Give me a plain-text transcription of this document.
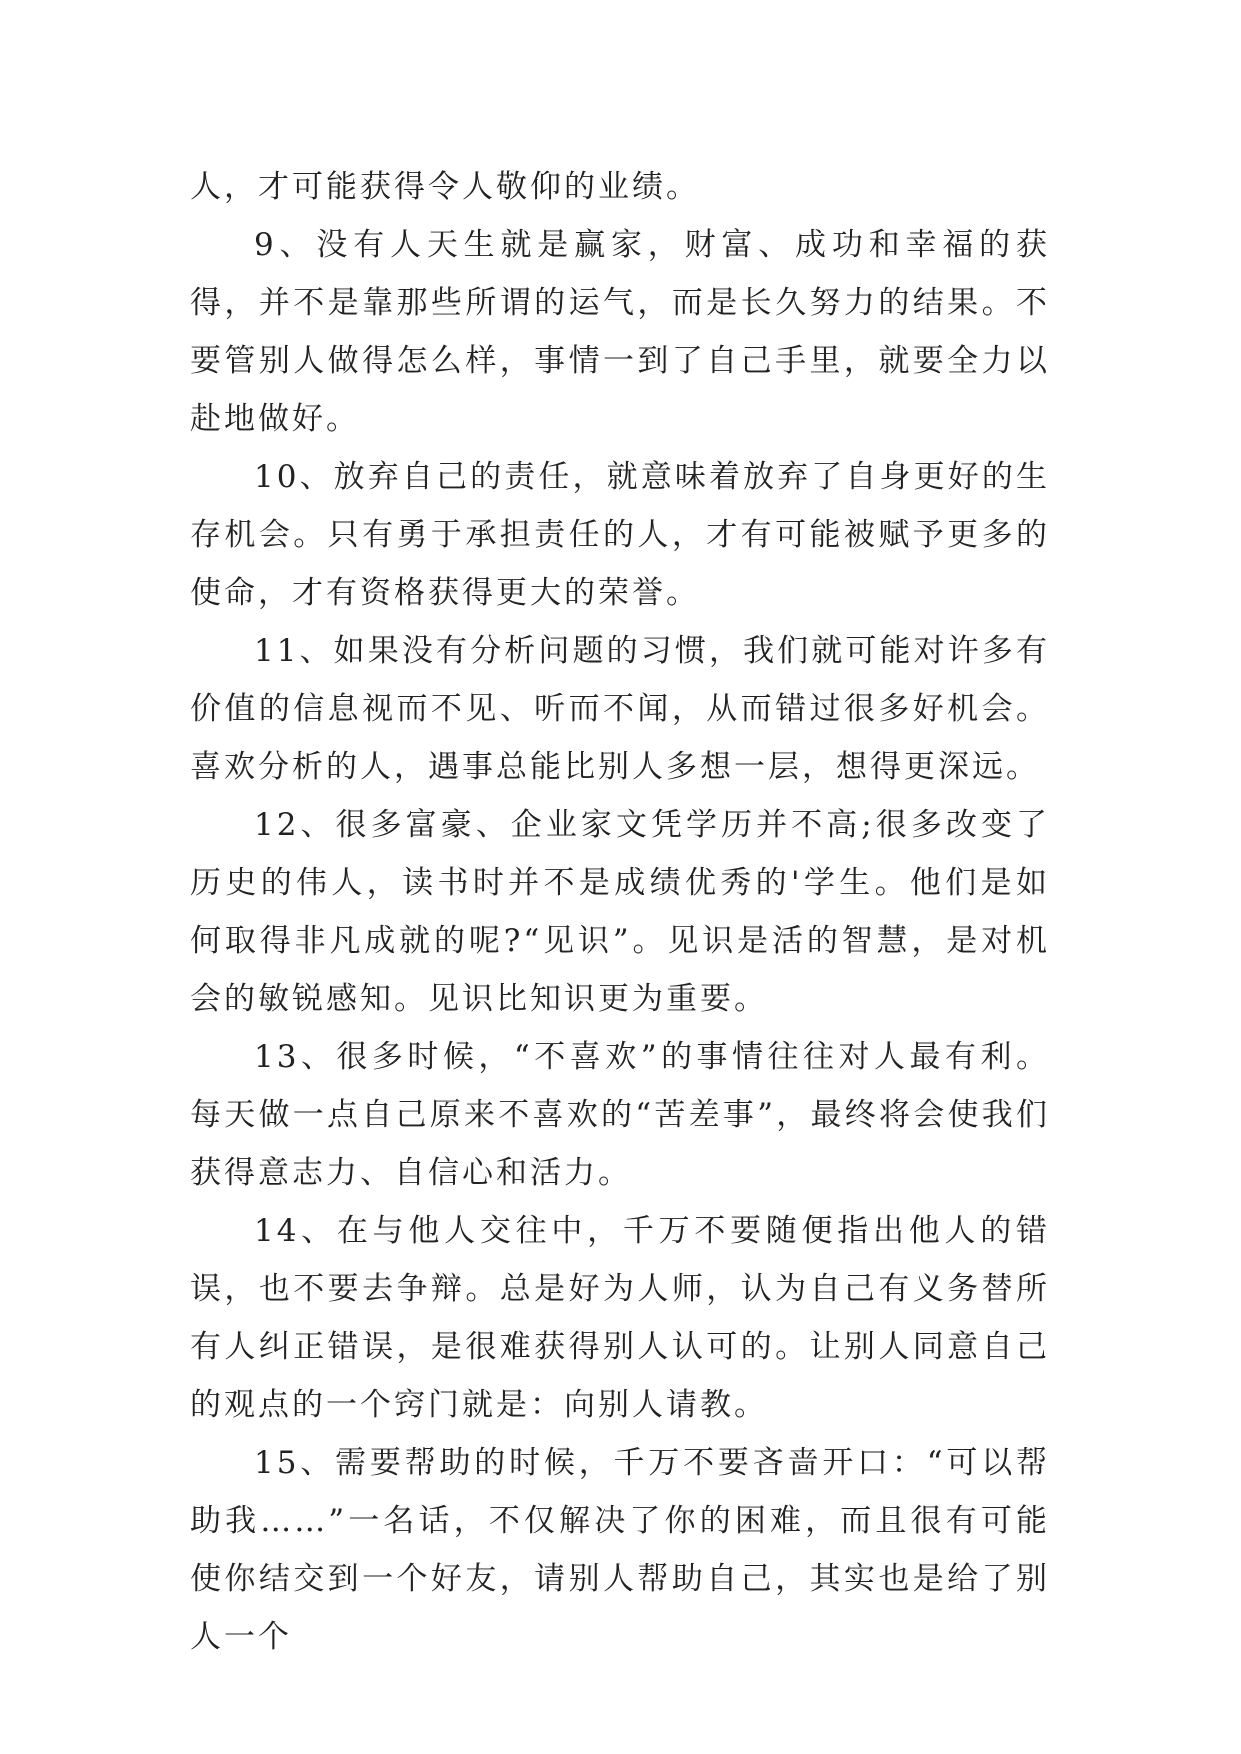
人，才可能获得令人敬仰的业绩。

9、没有人天生就是赢家，财富、成功和幸福的获得，并不是靠那些所谓的运气，而是长久努力的结果。不要管别人做得怎么样，事情一到了自己手里，就要全力以赴地做好。

10、放弃自己的责任，就意味着放弃了自身更好的生存机会。只有勇于承担责任的人，才有可能被赋予更多的使命，才有资格获得更大的荣誉。

11、如果没有分析问题的习惯，我们就可能对许多有价值的信息视而不见、听而不闻，从而错过很多好机会。喜欢分析的人，遇事总能比别人多想一层，想得更深远。

12、很多富豪、企业家文凭学历并不高;很多改变了历史的伟人，读书时并不是成绩优秀的'学生。他们是如何取得非凡成就的呢?“见识”。见识是活的智慧，是对机会的敏锐感知。见识比知识更为重要。

13、很多时候，“不喜欢”的事情往往对人最有利。每天做一点自己原来不喜欢的“苦差事”，最终将会使我们获得意志力、自信心和活力。

14、在与他人交往中，千万不要随便指出他人的错误，也不要去争辩。总是好为人师，认为自己有义务替所有人纠正错误，是很难获得别人认可的。让别人同意自己的观点的一个窍门就是：向别人请教。

15、需要帮助的时候，千万不要吝啬开口：“可以帮助我……”一名话，不仅解决了你的困难，而且很有可能使你结交到一个好友，请别人帮助自己，其实也是给了别人一个
